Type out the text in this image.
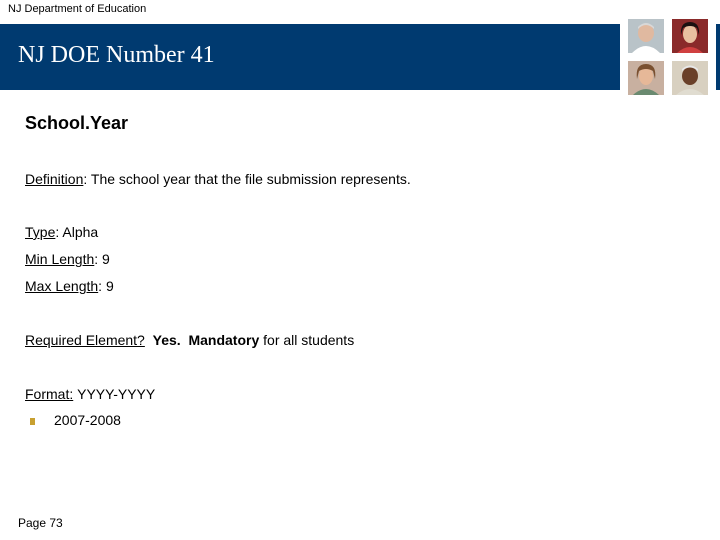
NJ Department of Education
NJ DOE Number 41
School.Year
Definition: The school year that the file submission represents.
Type: Alpha
Min Length: 9
Max Length: 9
Required Element? Yes. Mandatory for all students
Format: YYYY-YYYY
2007-2008
Page 73
